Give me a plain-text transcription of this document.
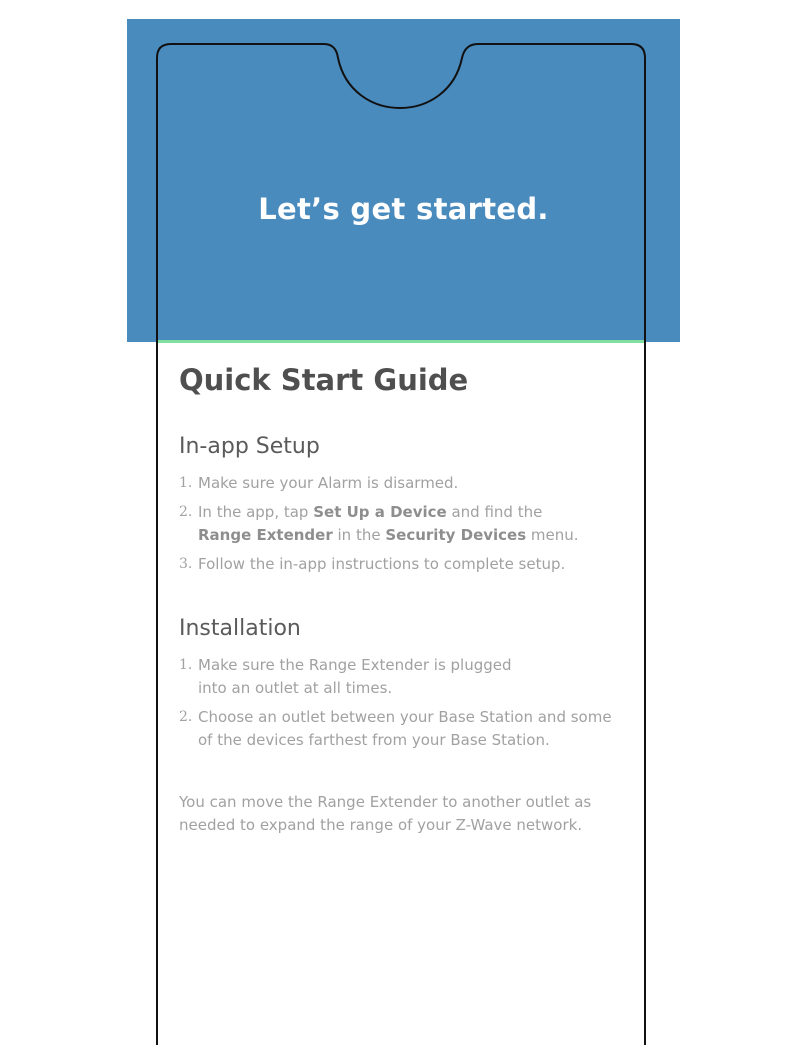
Let’s get started.
Quick Start Guide
In-app Setup
1. Make sure your Alarm is disarmed.
2. In the app, tap Set Up a Device and find the
Range Extender in the Security Devices menu.
3. Follow the in-app instructions to complete setup.
Installation
1. Make sure the Range Extender is plugged
into an outlet at all times.
2. Choose an outlet between your Base Station and some
of the devices farthest from your Base Station.

You can move the Range Extender to another outlet as
needed to expand the range of your Z-Wave network.
